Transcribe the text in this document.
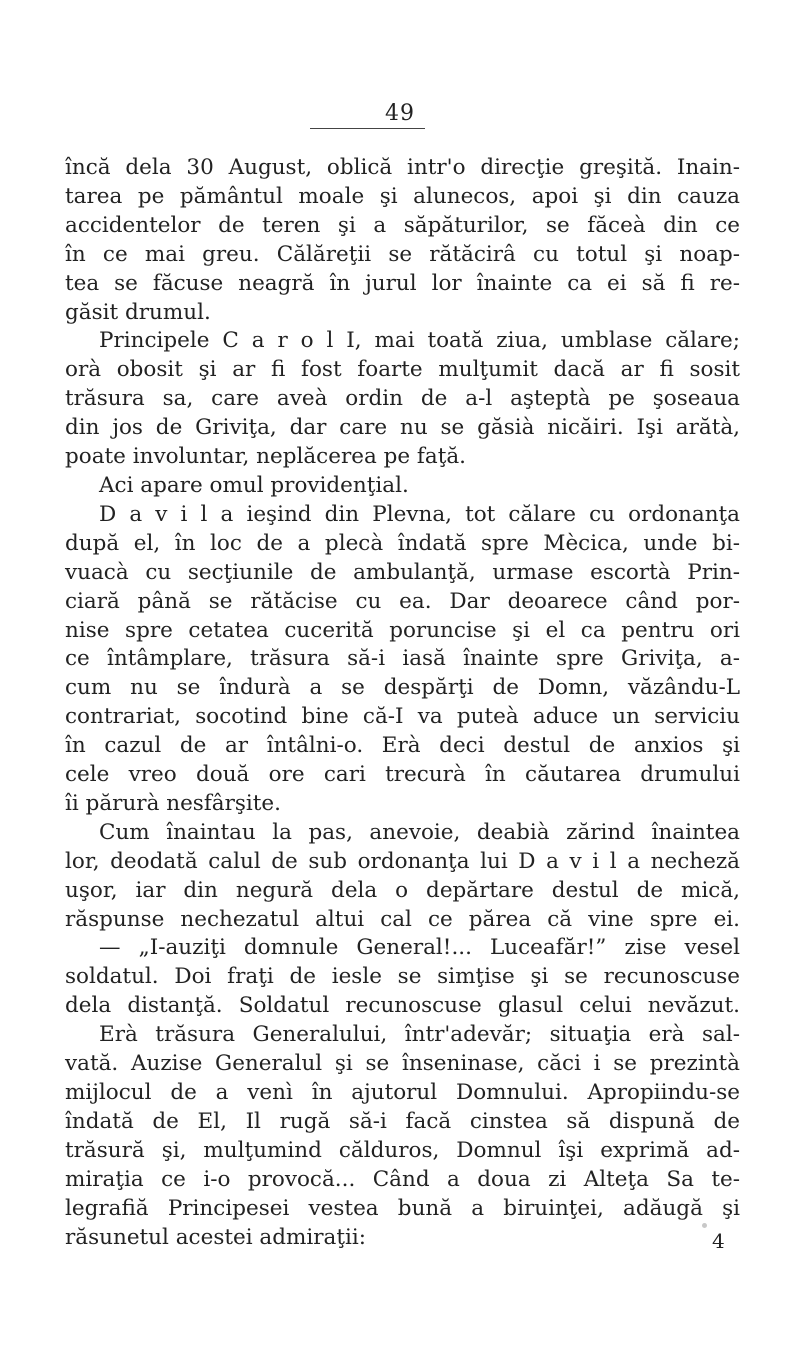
49
încă dela 30 August, oblică intr'o direcţie greşită. Inain-
tarea pe pământul moale şi alunecos, apoi şi din cauza
accidentelor de teren şi a săpăturilor, se făceà din ce
în ce mai greu. Călăreţii se rătăcirâ cu totul şi noap-
tea se făcuse neagră în jurul lor înainte ca ei să fi re-
găsit drumul.
Principele C a r o l I, mai toată ziua, umblase călare;
orà obosit şi ar fi fost foarte mulţumit dacă ar fi sosit
trăsura sa, care aveà ordin de a-l aşteptà pe şoseaua
din jos de Griviţa, dar care nu se găsià nicăiri. Işi arătà,
poate involuntar, neplăcerea pe faţă.
Aci apare omul providenţial.
D a v i l a ieşind din Plevna, tot călare cu ordonanţa
după el, în loc de a plecà îndată spre Mècica, unde bi-
vuacà cu secţiunile de ambulanţă, urmase escortà Prin-
ciară până se rătăcise cu ea. Dar deoarece când por-
nise spre cetatea cucerită poruncise şi el ca pentru ori
ce întâmplare, trăsura să-i iasă înainte spre Griviţa, a-
cum nu se îndurà a se despărţi de Domn, văzându-L
contrariat, socotind bine că-I va puteà aduce un serviciu
în cazul de ar întâlni-o. Erà deci destul de anxios şi
cele vreo două ore cari trecurà în căutarea drumului
îi părurà nesfârşite.
Cum înaintau la pas, anevoie, deabià zărind înaintea
lor, deodată calul de sub ordonanţa lui D a v i l a necheză
uşor, iar din negură dela o depărtare destul de mică,
răspunse nechezatul altui cal ce părea că vine spre ei.
— „I-auziţi domnule General!... Luceafăr!” zise vesel
soldatul. Doi fraţi de iesle se simţise şi se recunoscuse
dela distanţă. Soldatul recunoscuse glasul celui nevăzut.
Erà trăsura Generalului, într'adevăr; situaţia erà sal-
vată. Auzise Generalul şi se înseninase, căci i se prezintà
mijlocul de a venì în ajutorul Domnului. Apropiindu-se
îndată de El, Il rugă să-i facă cinstea să dispună de
trăsură şi, mulţumind călduros, Domnul îşi exprimă ad-
miraţia ce i-o provocă... Când a doua zi Alteţa Sa te-
legrafiă Principesei vestea bună a biruinţei, adăugă şi
răsunetul acestei admiraţii:	4
